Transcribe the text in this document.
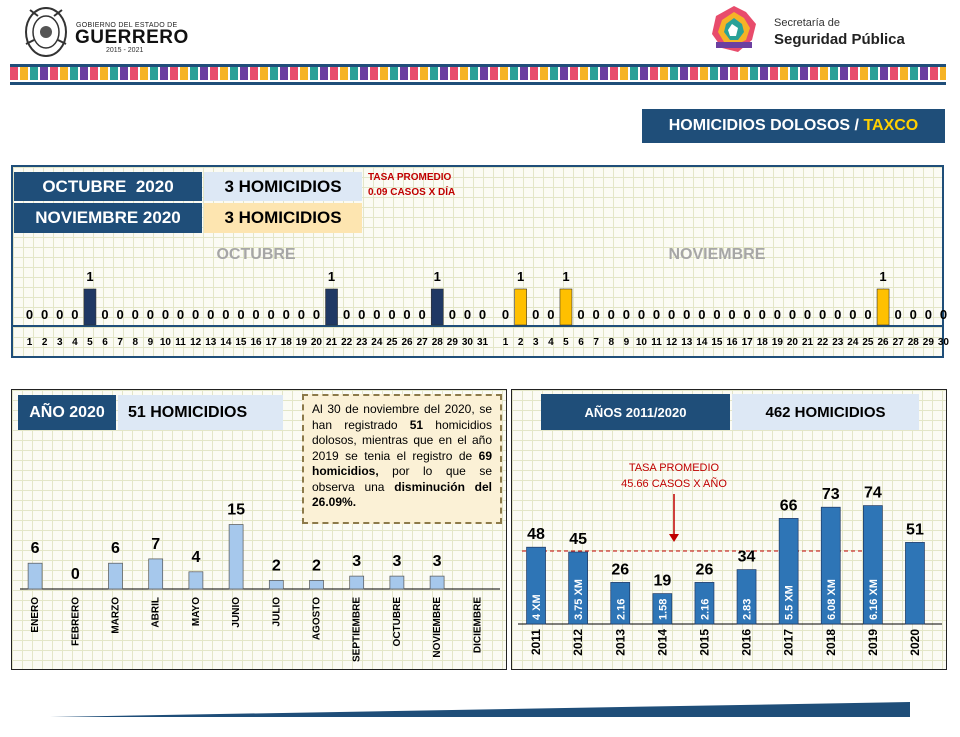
GOBIERNO DEL ESTADO DE
GUERRERO
2015 - 2021
Secretaría de
Seguridad Pública
HOMICIDIOS DOLOSOS / TAXCO
OCTUBRE  2020	3 HOMICIDIOS
NOVIEMBRE 2020	3 HOMICIDIOS
TASA PROMEDIO
0.09 CASOS X DÍA
OCTUBRE	NOVIEMBRE
1
0
2
0
3
0
4
0
5
1
6
0
7
0
8
0
9
0
10
0
11
0
12
0
13
0
14
0
15
0
16
0
17
0
18
0
19
0
20
0
21
1
22
0
23
0
24
0
25
0
26
0
27
0
28
1
29
0
30
0
31
0
1
0
2
1
3
0
4
0
5
1
6
0
7
0
8
0
9
0
10
0
11
0
12
0
13
0
14
0
15
0
16
0
17
0
18
0
19
0
20
0
21
0
22
0
23
0
24
0
25
0
26
1
27
0
28
0
29
0
30
0
AÑO 2020	51 HOMICIDIOS	Al 30 de noviembre del 2020, se han registrado 51 homicidios dolosos, mientras que en el año 2019 se tenia el registro de 69 homicidios, por lo que se observa una disminución del 26.09%.
6
ENERO
0
FEBRERO
6
MARZO
7
ABRIL
4
MAYO
15
JUNIO
2
JULIO
2
AGOSTO
3
SEPTIEMBRE
3
OCTUBRE
3
NOVIEMBRE	DICIEMBRE
AÑOS 2011/2020	462 HOMICIDIOS
TASA PROMEDIO
45.66 CASOS X AÑO
48
4 XM
2011
45
3.75 XM
2012
26
2.16
2013
19
1.58
2014
26
2.16
2015
34
2.83
2016
66
5.5 XM
2017
73
6.08 XM
2018
74
6.16 XM
2019
51
2020
